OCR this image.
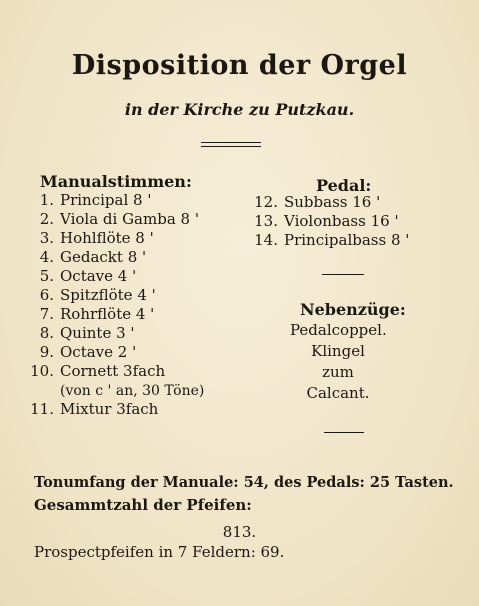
Disposition der Orgel
in der Kirche zu Putzkau.
Manualstimmen:
1. Principal 8 '
2. Viola di Gamba 8 '
3. Hohlflöte 8 '
4. Gedackt 8 '
5. Octave 4 '
6. Spitzflöte 4 '
7. Rohrflöte 4 '
8. Quinte 3 '
9. Octave 2 '
10. Cornett 3fach
(von c ' an, 30 Töne)
11. Mixtur 3fach
Pedal:
12. Subbass 16 '
13. Violonbass 16 '
14. Principalbass 8 '
Nebenzüge:
Pedalcoppel.
Klingel
zum
Calcant.
Tonumfang der Manuale: 54, des Pedals: 25 Tasten.
Gesammtzahl der Pfeifen:
813.
Prospectpfeifen in 7 Feldern: 69.
